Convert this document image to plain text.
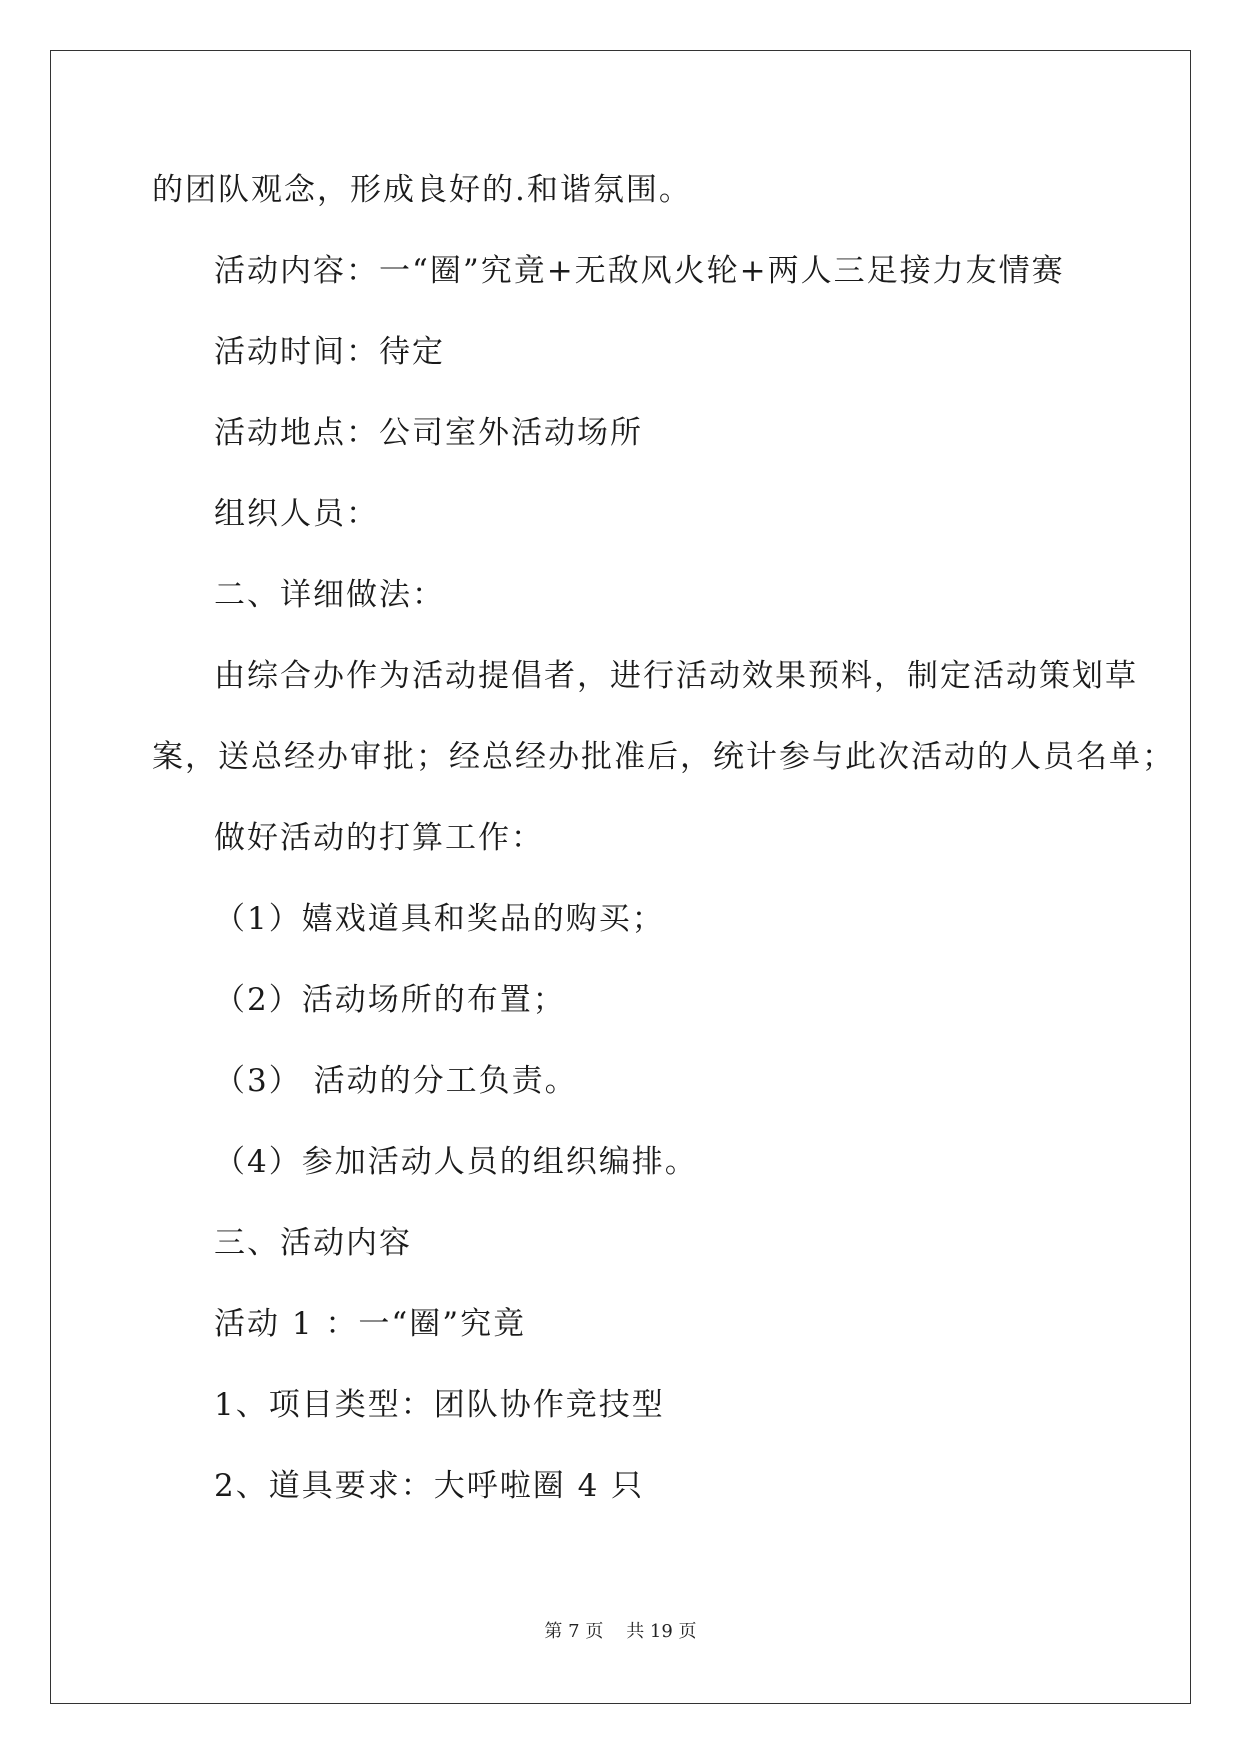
的团队观念，形成良好的.和谐氛围。
活动内容：一“圈”究竟+无敌风火轮+两人三足接力友情赛
活动时间：待定
活动地点：公司室外活动场所
组织人员：
二、详细做法：
由综合办作为活动提倡者，进行活动效果预料，制定活动策划草
案，送总经办审批；经总经办批准后，统计参与此次活动的人员名单；
做好活动的打算工作：
（1）嬉戏道具和奖品的购买；
（2）活动场所的布置；
（3） 活动的分工负责。
（4）参加活动人员的组织编排。
三、活动内容
活动 1 ：一“圈”究竟
1、项目类型：团队协作竞技型
2、道具要求：大呼啦圈 4 只
第 7 页    共 19 页
